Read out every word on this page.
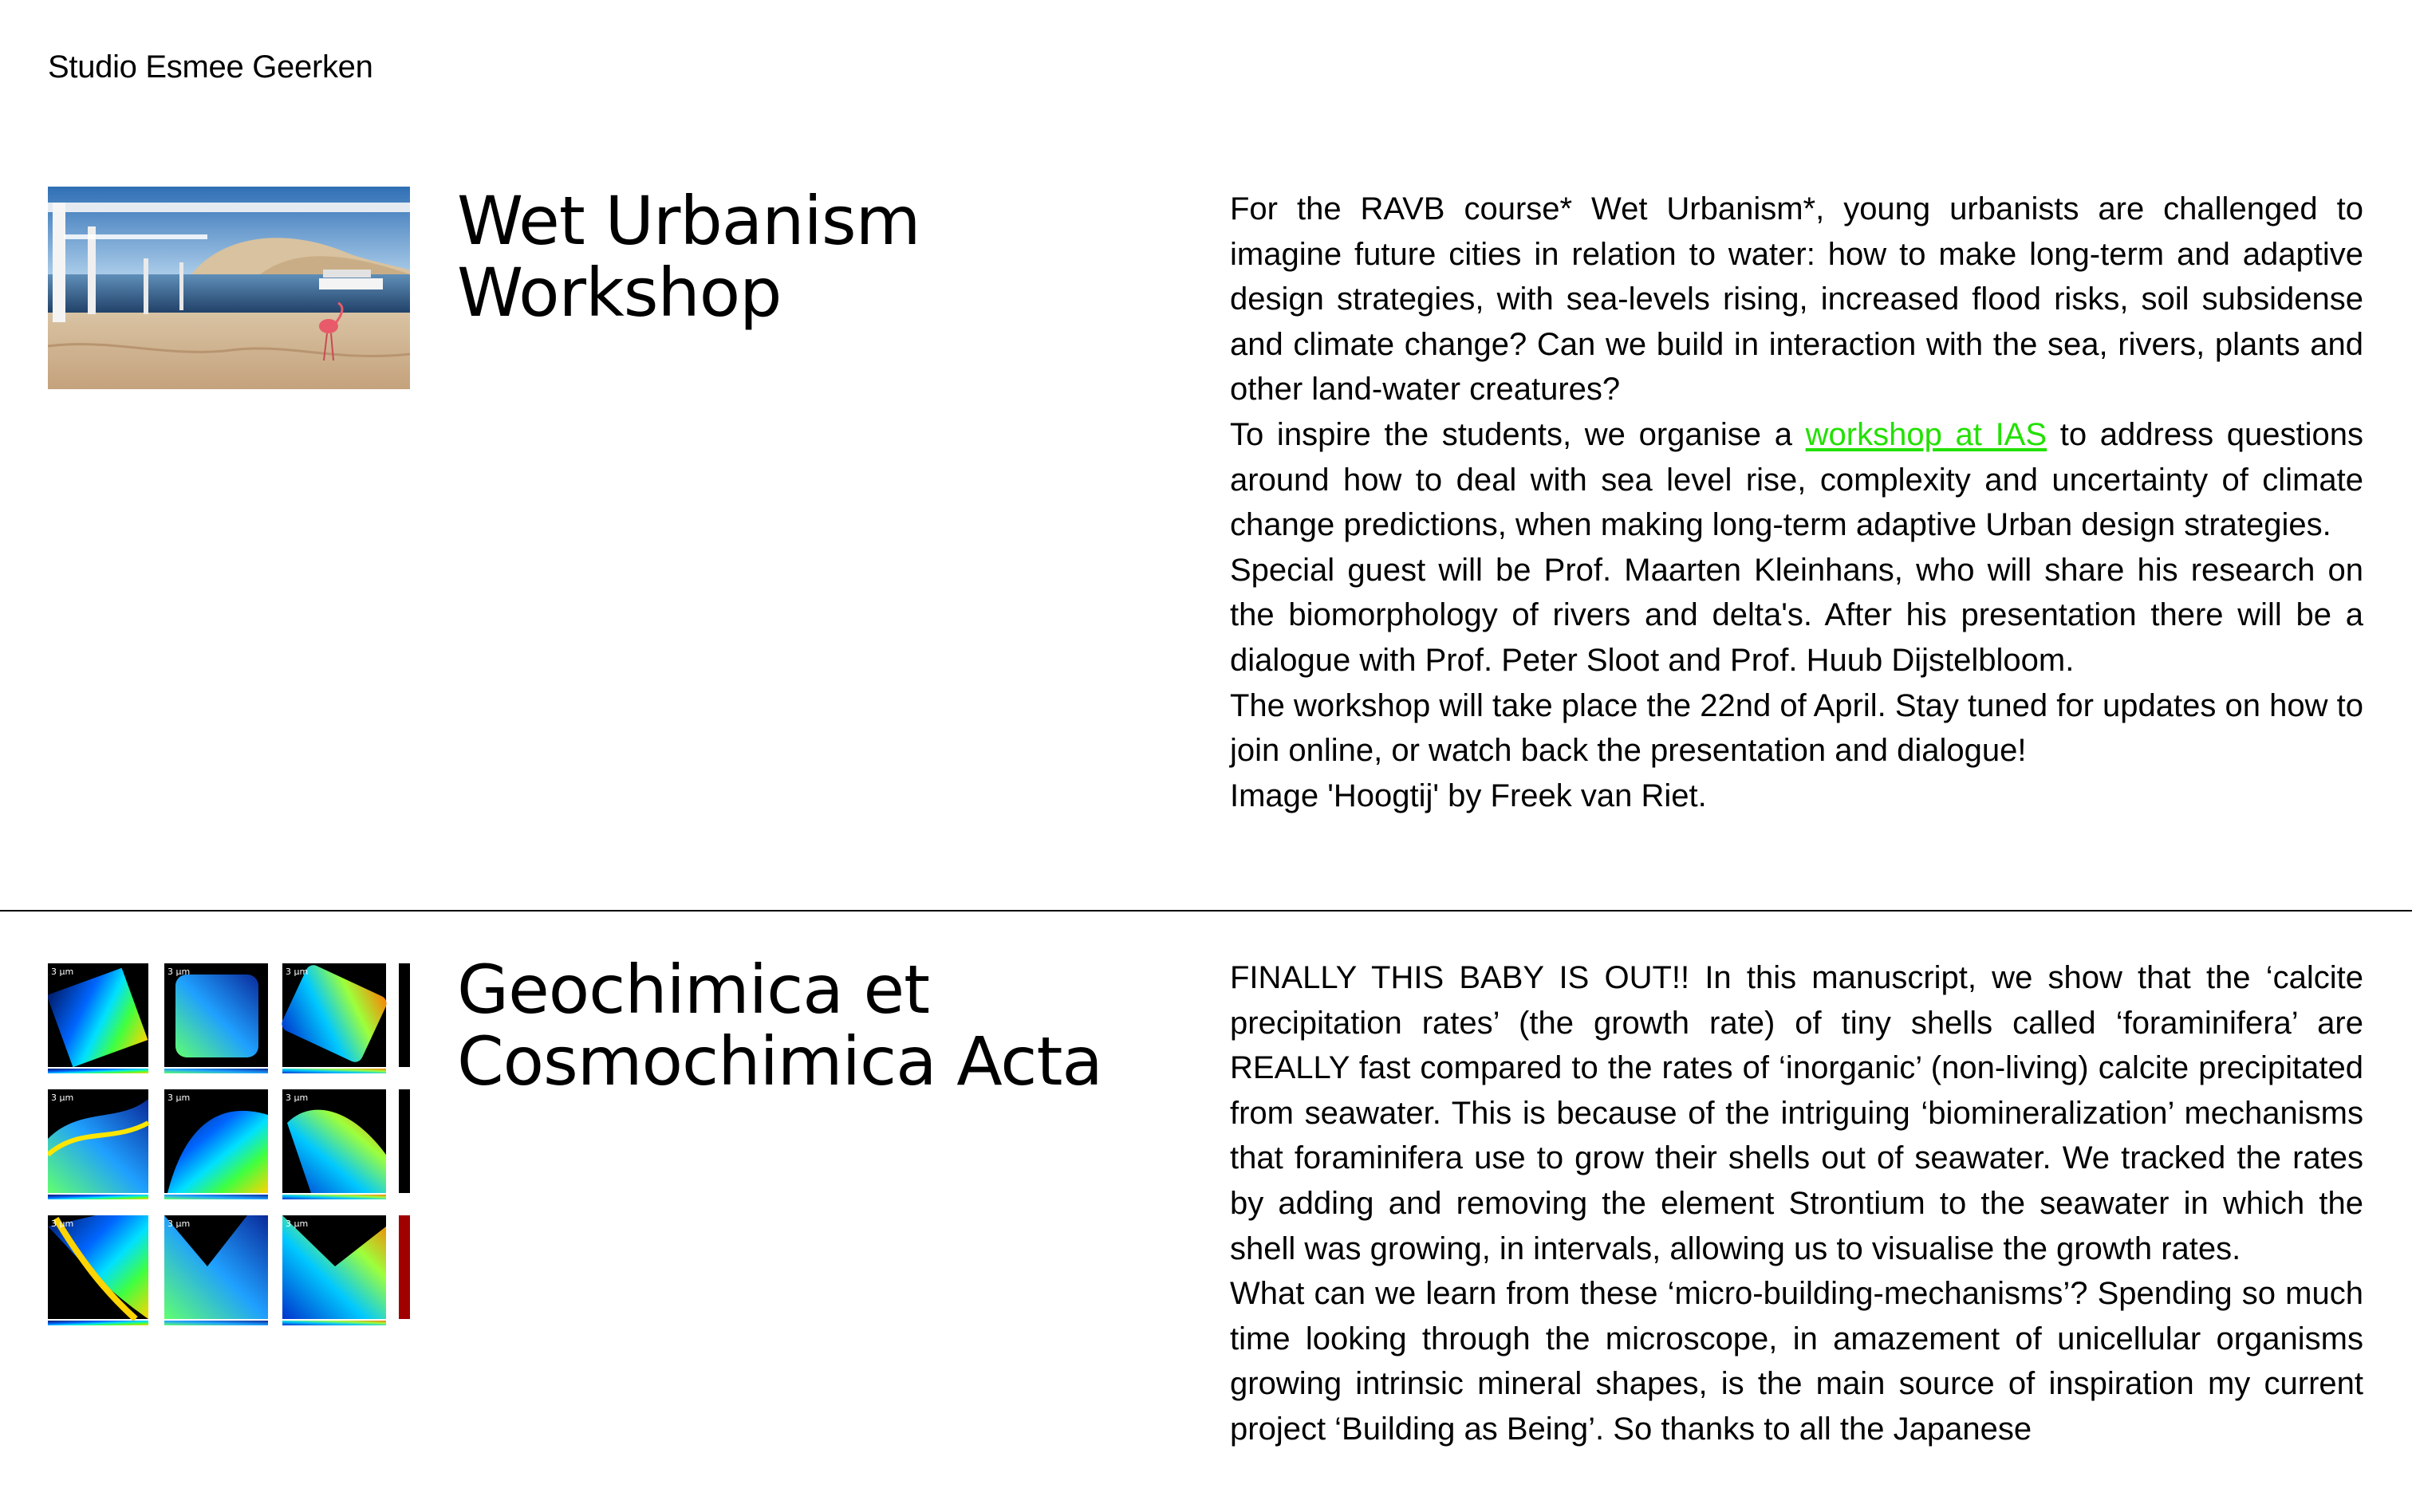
Studio Esmee Geerken
Wet Urbanism
Workshop

For the RAVB course* Wet Urbanism*, young urbanists are challenged to imagine future cities in relation to water: how to make long-term and adaptive design strategies, with sea-levels rising, increased flood risks, soil subsidense and climate change? Can we build in interaction with the sea, rivers, plants and other land-water creatures?

To inspire the students, we organise a workshop at IAS to address questions around how to deal with sea level rise, complexity and uncertainty of climate change predictions, when making long-term adaptive Urban design strategies.

Special guest will be Prof. Maarten Kleinhans, who will share his research on the biomorphology of rivers and delta's. After his presentation there will be a dialogue with Prof. Peter Sloot and Prof. Huub Dijstelbloom.

The workshop will take place the 22nd of April. Stay tuned for updates on how to join online, or watch back the presentation and dialogue!

Image 'Hoogtij' by Freek van Riet.

3 µm	3 µm	3 µm
3 µm	3 µm	3 µm
3 µm	3 µm	3 µm
Geochimica et
Cosmochimica Acta

FINALLY THIS BABY IS OUT!! In this manuscript, we show that the ‘calcite precipitation rates’ (the growth rate) of tiny shells called ‘foraminifera’ are REALLY fast compared to the rates of ‘inorganic’ (non-living) calcite precipitated from seawater. This is because of the intriguing ‘biomineralization’ mechanisms that foraminifera use to grow their shells out of seawater. We tracked the rates by adding and removing the element Strontium to the seawater in which the shell was growing, in intervals, allowing us to visualise the growth rates.

What can we learn from these ‘micro-building-mechanisms’? Spending so much time looking through the microscope, in amazement of unicellular organisms growing intrinsic mineral shapes, is the main source of inspiration my current project ‘Building as Being’. So thanks to all the Japanese
